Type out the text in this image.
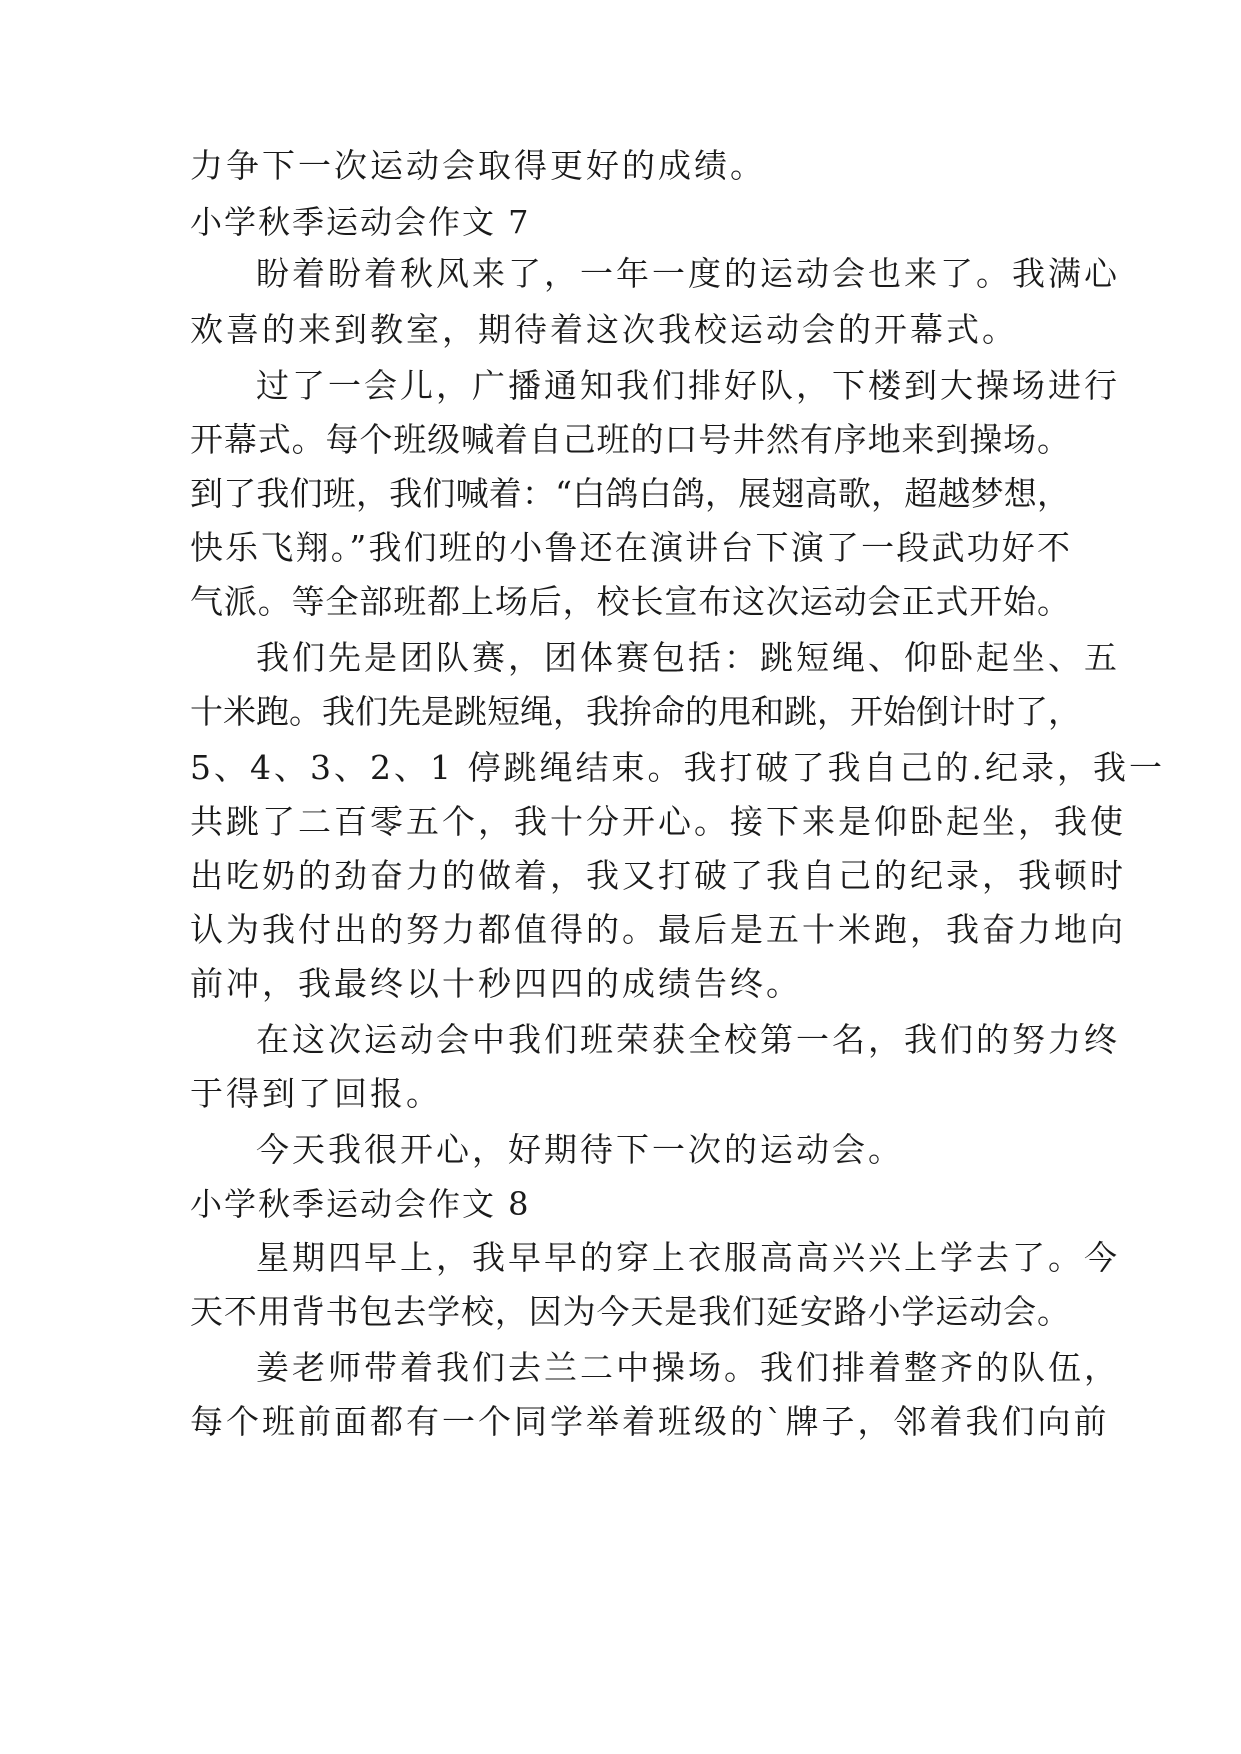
力争下一次运动会取得更好的成绩。
小学秋季运动会作文 7
盼着盼着秋风来了，一年一度的运动会也来了。我满心
欢喜的来到教室，期待着这次我校运动会的开幕式。
过了一会儿，广播通知我们排好队，下楼到大操场进行
开幕式。每个班级喊着自己班的口号井然有序地来到操场。
到了我们班，我们喊着：“白鸽白鸽，展翅高歌，超越梦想，
快乐飞翔。”我们班的小鲁还在演讲台下演了一段武功好不
气派。等全部班都上场后，校长宣布这次运动会正式开始。
我们先是团队赛，团体赛包括：跳短绳、仰卧起坐、五
十米跑。我们先是跳短绳，我拚命的甩和跳，开始倒计时了，
5、4、3、2、1 停跳绳结束。我打破了我自己的.纪录，我一
共跳了二百零五个，我十分开心。接下来是仰卧起坐，我使
出吃奶的劲奋力的做着，我又打破了我自己的纪录，我顿时
认为我付出的努力都值得的。最后是五十米跑，我奋力地向
前冲，我最终以十秒四四的成绩告终。
在这次运动会中我们班荣获全校第一名，我们的努力终
于得到了回报。
今天我很开心，好期待下一次的运动会。
小学秋季运动会作文 8
星期四早上，我早早的穿上衣服高高兴兴上学去了。今
天不用背书包去学校，因为今天是我们延安路小学运动会。
姜老师带着我们去兰二中操场。我们排着整齐的队伍，
每个班前面都有一个同学举着班级的`牌子，邻着我们向前
